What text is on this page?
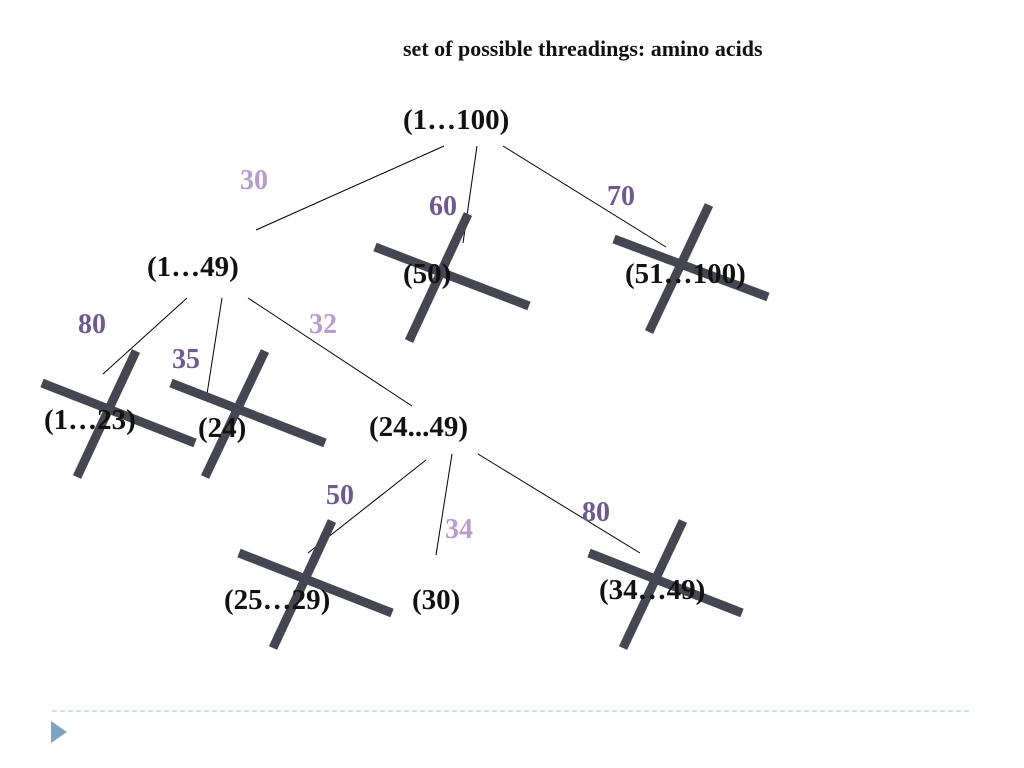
set of possible threadings: amino acids
(1…100)
(1…49)	(50)	(51…100)
(1…23) (24)	(24...49)
(25…29)	(30)	(34…49)
30
60	70
80
35
32
50
34
80
